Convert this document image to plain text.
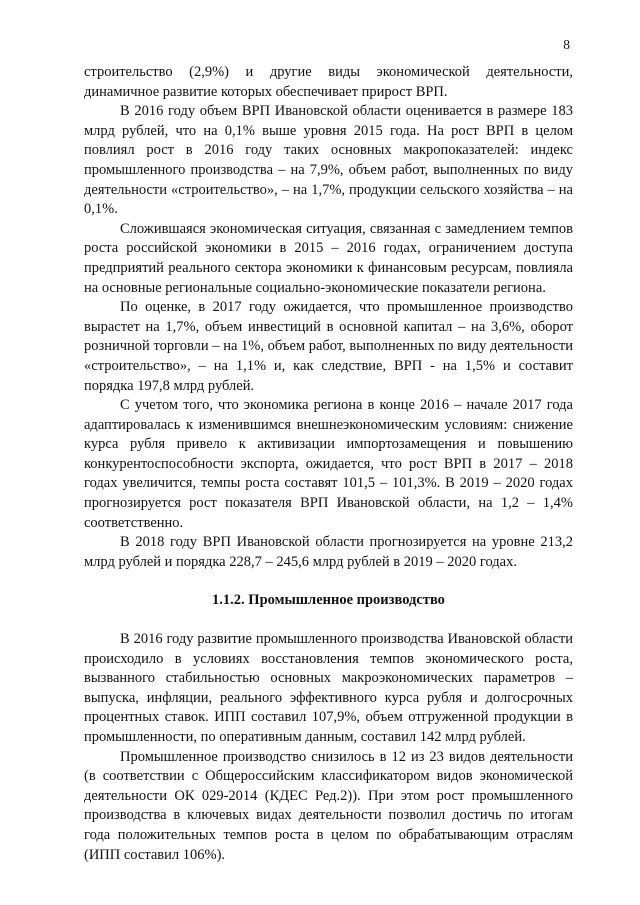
8

строительство (2,9%) и другие виды экономической деятельности, динамичное развитие которых обеспечивает прирост ВРП.

В 2016 году объем ВРП Ивановской области оценивается в размере 183 млрд рублей, что на 0,1% выше уровня 2015 года. На рост ВРП в целом повлиял рост в 2016 году таких основных макропоказателей: индекс промышленного производства – на 7,9%, объем работ, выполненных по виду деятельности «строительство», – на 1,7%, продукции сельского хозяйства – на 0,1%.

Сложившаяся экономическая ситуация, связанная с замедлением темпов роста российской экономики в 2015 – 2016 годах, ограничением доступа предприятий реального сектора экономики к финансовым ресурсам, повлияла на основные региональные социально-экономические показатели региона.

По оценке, в 2017 году ожидается, что промышленное производство вырастет на 1,7%, объем инвестиций в основной капитал – на 3,6%, оборот розничной торговли – на 1%, объем работ, выполненных по виду деятельности «строительство», – на 1,1% и, как следствие, ВРП - на 1,5% и составит порядка 197,8 млрд рублей.

С учетом того, что экономика региона в конце 2016 – начале 2017 года адаптировалась к изменившимся внешнеэкономическим условиям: снижение курса рубля привело к активизации импортозамещения и повышению конкурентоспособности экспорта, ожидается, что рост ВРП в 2017 – 2018 годах увеличится, темпы роста составят 101,5 – 101,3%. В 2019 – 2020 годах прогнозируется рост показателя ВРП Ивановской области, на 1,2 – 1,4% соответственно.

В 2018 году ВРП Ивановской области прогнозируется на уровне 213,2 млрд рублей и порядка 228,7 – 245,6 млрд рублей в 2019 – 2020 годах.

1.1.2. Промышленное производство

В 2016 году развитие промышленного производства Ивановской области происходило в условиях восстановления темпов экономического роста, вызванного стабильностью основных макроэкономических параметров – выпуска, инфляции, реального эффективного курса рубля и долгосрочных процентных ставок. ИПП составил 107,9%, объем отгруженной продукции в промышленности, по оперативным данным, составил 142 млрд рублей.

Промышленное производство снизилось в 12 из 23 видов деятельности (в соответствии с Общероссийским классификатором видов экономической деятельности ОК 029-2014 (КДЕС Ред.2)). При этом рост промышленного производства в ключевых видах деятельности позволил достичь по итогам года положительных темпов роста в целом по обрабатывающим отраслям (ИПП составил 106%).
